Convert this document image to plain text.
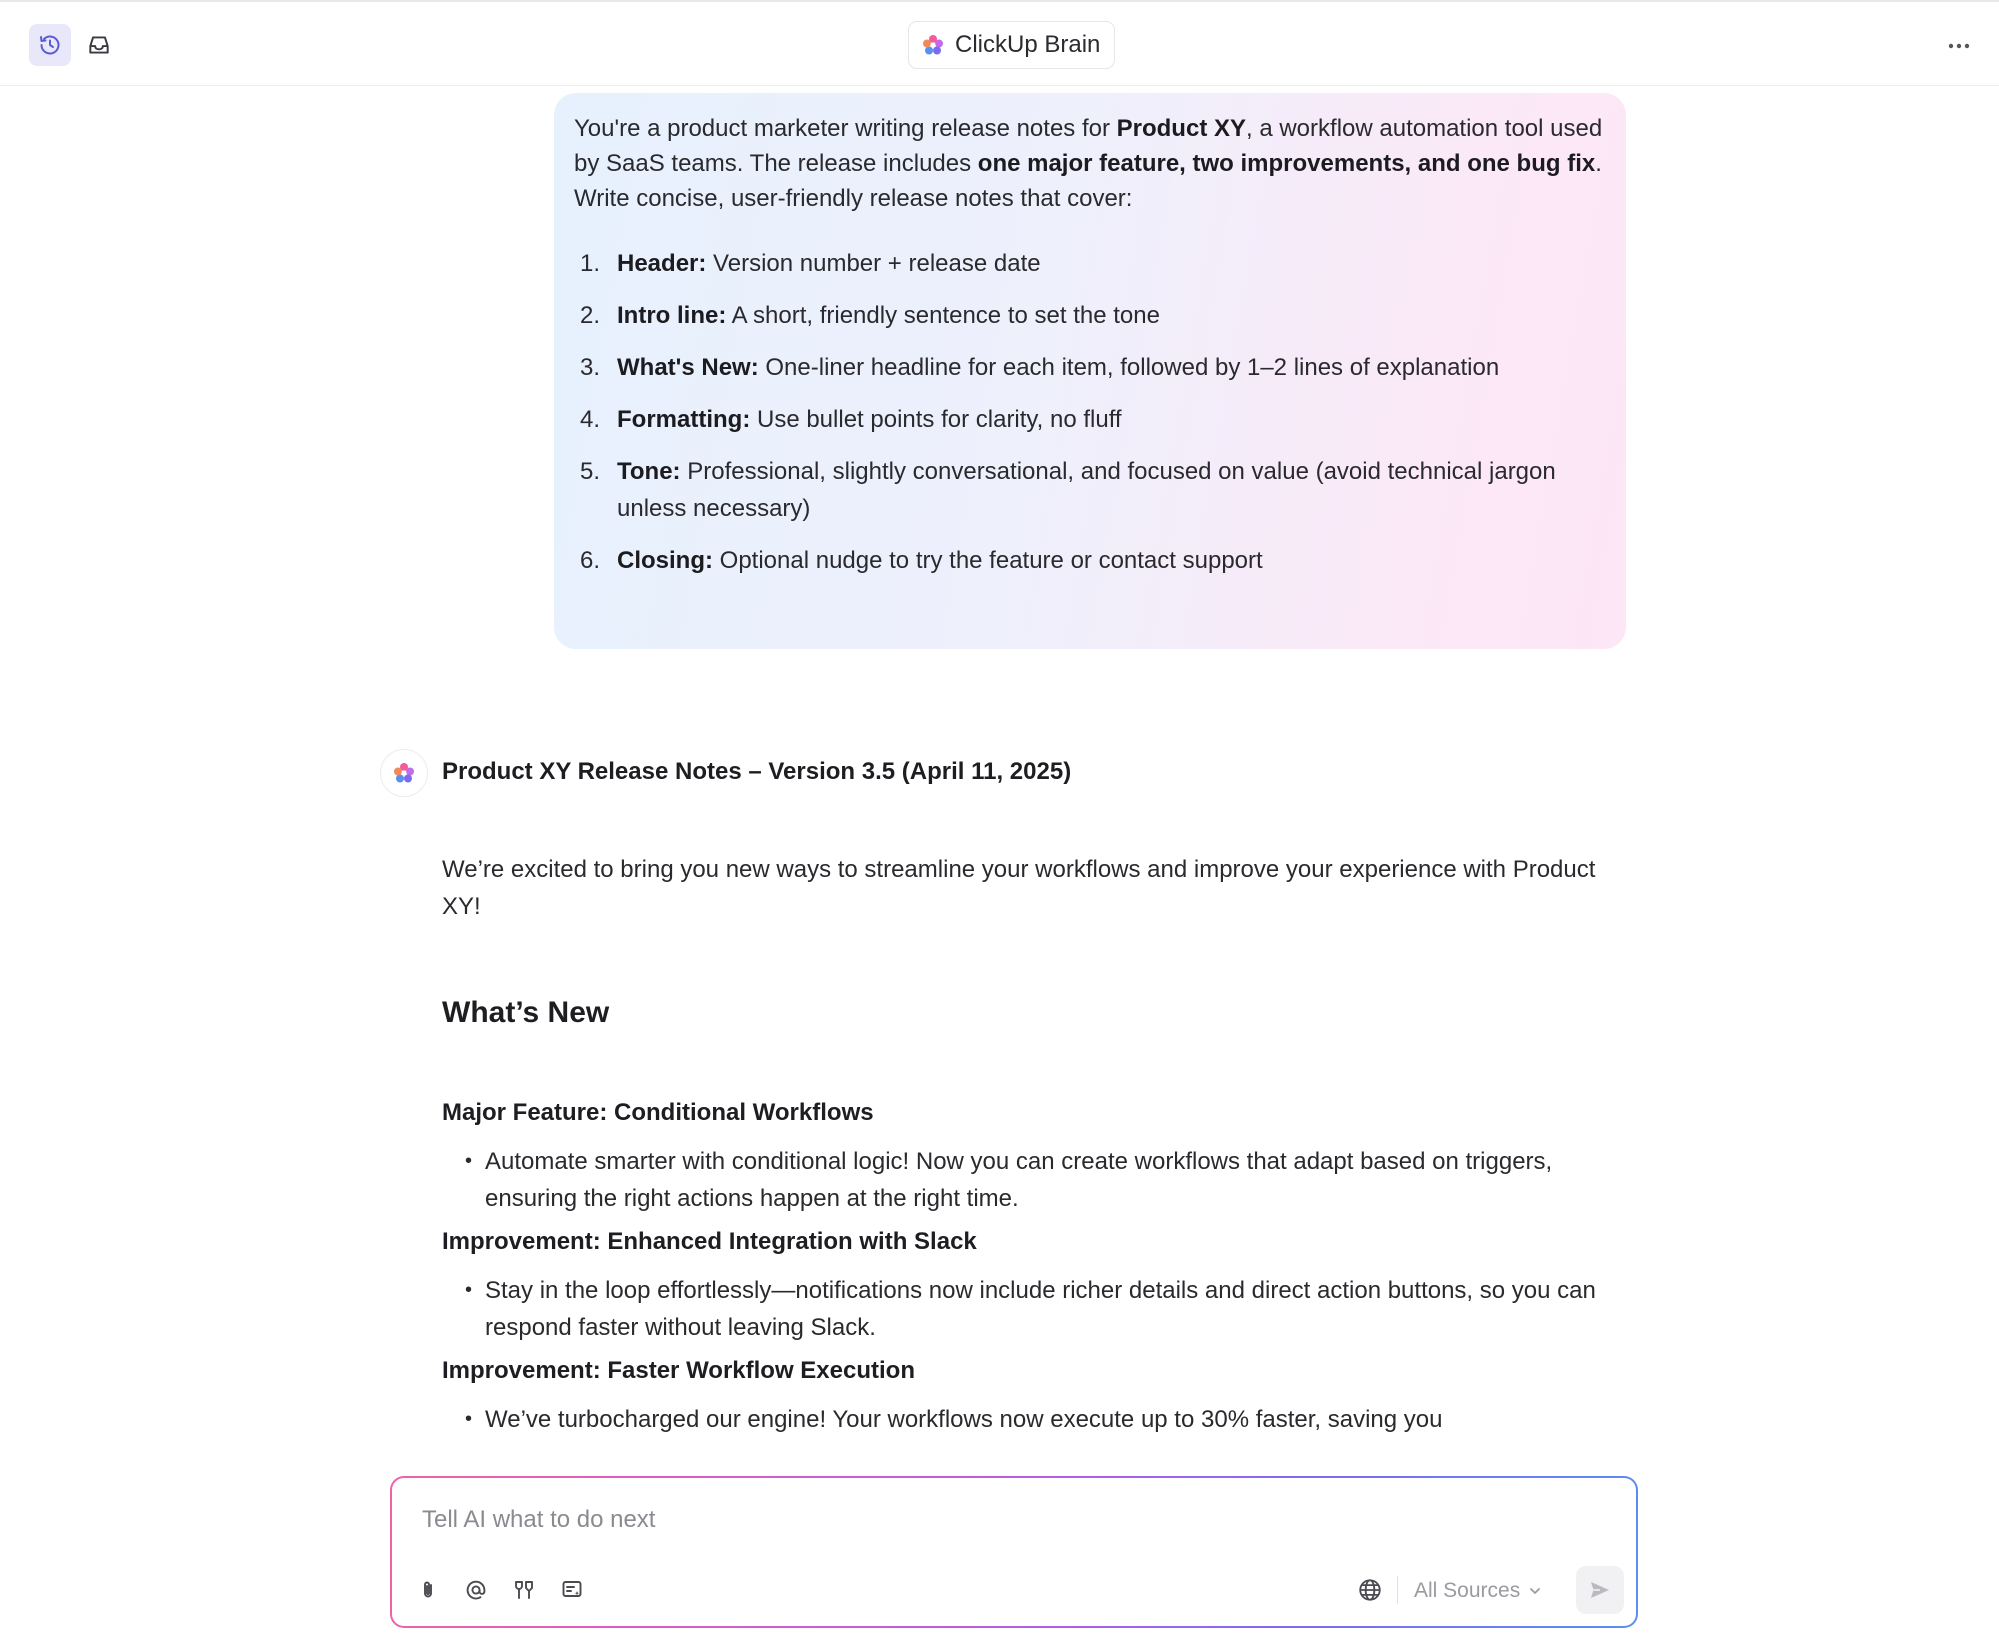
ClickUp Brain

You're a product marketer writing release notes for Product XY, a workflow automation tool used by SaaS teams. The release includes one major feature, two improvements, and one bug fix.

Write concise, user-friendly release notes that cover:

1. Header: Version number + release date
2. Intro line: A short, friendly sentence to set the tone
3. What's New: One-liner headline for each item, followed by 1–2 lines of explanation
4. Formatting: Use bullet points for clarity, no fluff
5. Tone: Professional, slightly conversational, and focused on value (avoid technical jargon unless necessary)
6. Closing: Optional nudge to try the feature or contact support
Product XY Release Notes – Version 3.5 (April 11, 2025)

We’re excited to bring you new ways to streamline your workflows and improve your experience with Product XY!

What’s New
Major Feature: Conditional Workflows
• Automate smarter with conditional logic! Now you can create workflows that adapt based on triggers, ensuring the right actions happen at the right time.
Improvement: Enhanced Integration with Slack
• Stay in the loop effortlessly—notifications now include richer details and direct action buttons, so you can respond faster without leaving Slack.
Improvement: Faster Workflow Execution
• We’ve turbocharged our engine! Your workflows now execute up to 30% faster, saving you
Tell AI what to do next
All Sources
